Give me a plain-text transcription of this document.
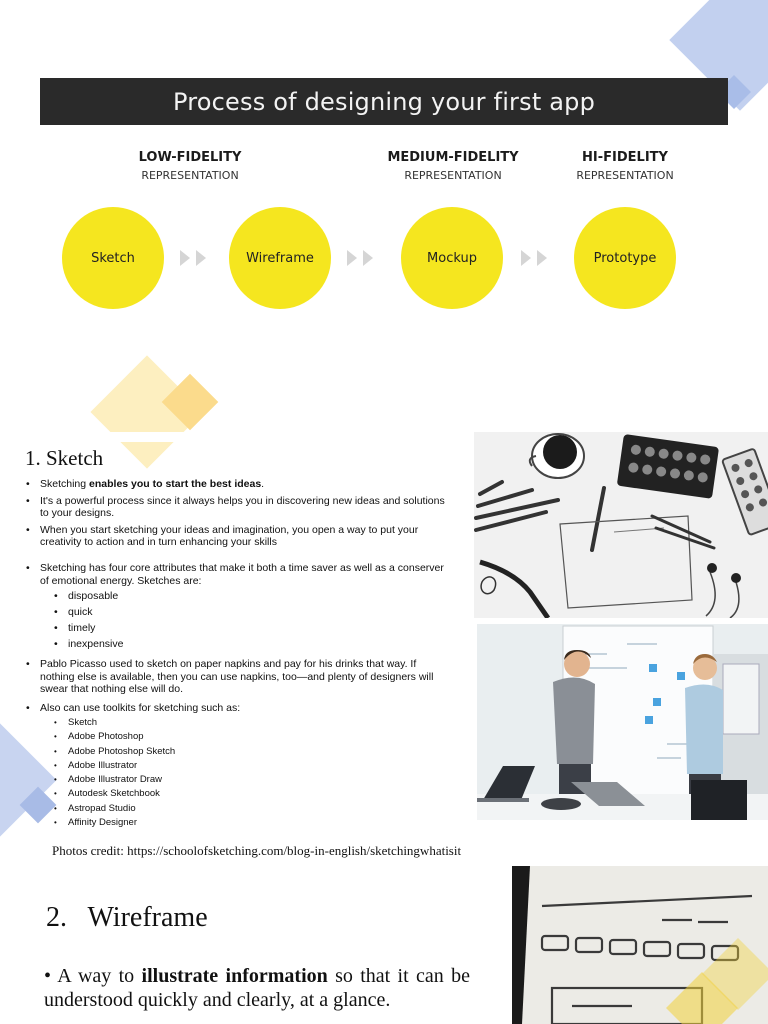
Process of designing your first app
LOW-FIDELITY
REPRESENTATION
MEDIUM-FIDELITY
REPRESENTATION
HI-FIDELITY
REPRESENTATION
Sketch	Wireframe	Mockup	Prototype
1. Sketch
• Sketching enables you to start the best ideas.
• It's a powerful process since it always helps you in discovering new ideas and solutions to your designs.
• When you start sketching your ideas and imagination, you open a way to put your creativity to action and in turn enhancing your skills
• Sketching has four core attributes that make it both a time saver as well as a conserver of emotional energy. Sketches are:
• disposable
• quick
• timely
• inexpensive
• Pablo Picasso used to sketch on paper napkins and pay for his drinks that way. If nothing else is available, then you can use napkins, too—and plenty of designers will swear that nothing else will do.
• Also can use toolkits for sketching such as:
• Sketch
• Adobe Photoshop
• Adobe Photoshop Sketch
• Adobe Illustrator
• Adobe Illustrator Draw
• Autodesk Sketchbook
• Astropad Studio
• Affinity Designer
Photos credit: https://schoolofsketching.com/blog-in-english/sketchingwhatisit
2.   Wireframe
• A way to illustrate information so that it can be understood quickly and clearly, at a glance.
